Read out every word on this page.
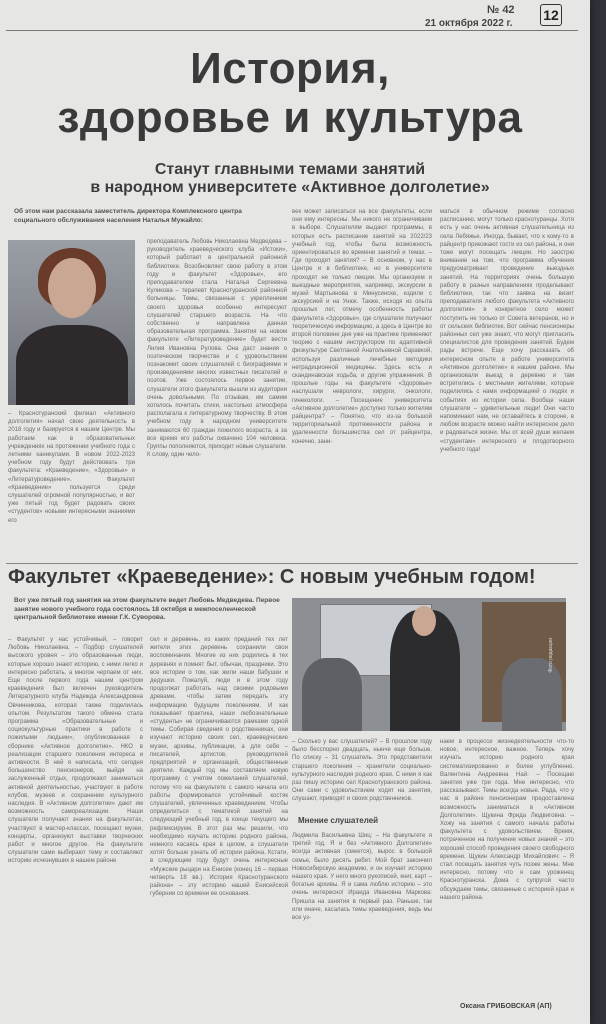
№ 42
21 октября 2022 г.
12
История,
здоровье и культура
Станут главными темами занятий
в народном университете «Активное долголетие»
Об этом нам рассказала заместитель директора Комплексного центра социального обслуживания населения Наталья Мужайло:
– Краснотуранский филиал «Активного долголетия» начал свою деятельность в 2018 году и базируется в нашем Центре. Мы работаем как в образовательных учреждениях на протяжении учебного года с летними каникулами. В новом 2022-2023 учебном году будут действовать три факультета: «Краеведение», «Здоровье» и «Литературоведение». Факультет «Краеведение» пользуется среди слушателей огромной популярностью, и вот уже пятый год будет радовать своих «студентов» новыми интересными знаниями его
преподаватель Любовь Николаевна Медведева – руководитель краеведческого клуба «Истоки», который работает в центральной районной библиотеке. Возобновляет свою работу в этом году и факультет «Здоровье», его преподавателем стала Наталья Сергеевна Куликова – терапевт Краснотуранской районной больницы. Темы, связанные с укреплением своего здоровья особенно интересуют слушателей старшего возраста. На что собственно и направлена данная образовательная программа. Занятия на новом факультете «Литературоведение» будет вести Лилия Ивановна Рулова. Она даст знания о поэтическом творчестве и с удовольствием познакомит своих слушателей с биографиями и произведениями многих известных писателей и поэтов. Уже состоялось первое занятие, слушатели этого факультета вышли из аудитории очень довольными. По отзывам, им самим хотелось почитать стихи, настолько атмосфера располагала к литературному творчеству. В этом учебном году в народном университете занимаются 60 граждан пожилого возраста, а за все время его работы охвачено 104 человека. Группы пополняются, приходит новые слушатели. К слову, один чело-
век может записаться на все факультеты, если они ему интересны. Мы никого не ограничиваем в выборе. Слушателям выдают программы, в которых есть расписание занятий на 2022/23 учебный год, чтобы была возможность ориентироваться во времени занятий и темах. – Где проходят занятия? – В основном, у нас в Центре и в библиотеке, но в университете проходят не только лекции. Мы организуем и выездные мероприятия, например, экскурсии в музей Мартьянова в Минусинске, ездили с экскурсией и на Унюк. Также, исходя из опыта прошлых лет, отмечу особенность работы факультета «Здоровье», где слушатели получают теоретическую информацию, а здесь в Центре во второй половине дня уже на практике применяют теорию с нашим инструктором по адаптивной физкультуре Светланой Анатольевной Саравкой, используя различные лечебные методики нетрадиционной медицины. Здесь есть и скандинавская ходьба, и другие упражнения. В прошлые годы на факультете «Здоровье» наслушали неврологи, хирурги, онкологи, гинекологи. – Посещение университета «Активное долголетие» доступно только жителям райцентра? – Понятно, что из-за большой территориальной протяженности района и удаленности большинства сел от райцентра, конечно, зани-
маться в обычном режиме согласно расписанию, могут только краснотуранцы. Хотя есть у нас очень активная слушательница из села Лебяжье. Иногда, бывает, что к кому-то в райцентр приезжают гости из сел района, и они тоже могут посещать лекции. Но заострю внимание на том, что программа обучения предусматривает проведение выездных занятий. На территориях очень большую работу в разных направлениях проделывают библиотеки, так что заявка на визит преподавателя любого факультета «Активного долголетия» в конкретное село может поступить не только от Совета ветеранов, но и от сельских библиотек. Вот сейчас пенсионеры районных сел уже знают, что могут пригласить специалистов для проведения занятий. Будем рады встрече. Еще хочу рассказать об интересном опыте в работе университета «Активное долголетие» в нашем районе. Мы организовали выезд в деревню и там встретились с местными жителями, которые поделились с нами информацией о людях и событиях из истории села. Вообще наши слушатели – удивительные люди! Они часто напоминают нам, не оставайтесь в стороне, в любом возрасте можно найти интересное дело и радоваться жизни. Мы от всей души желаем «студентам» интересного и плодотворного учебного года!
Факультет «Краеведение»: С новым учебным годом!
Вот уже пятый год занятия на этом факультете ведет Любовь Медведева. Первое занятие нового учебного года состоялось 18 октября в межпоселенческой центральной библиотеке имени Г.К. Суворова.
Фото редакции
– Факультет у нас устойчивый, – говорит Любовь Николаевна. – Подбор слушателей высокого уровня – это образованные люди, которые хорошо знают историю, с ними легко и интересно работать, а многое черпаем от них. Еще после первого года нашим центром краеведения был включен руководитель Литературного клуба Надежда Александровна Овчинникова, которая также поделилась опытом. Результатом такого обмена стала программа «Образовательные и социокультурные практики в работе с пожилыми людьми», опубликованная в сборнике «Активное долголетие». НКО в реализации старшего поколения интереса и активности. В ней я написала, что сегодня большинство пенсионеров, выйдя на заслуженный отдых, продолжают заниматься активной деятельностью, участвуют в работе клубов, музеев и сохранении культурного наследия. В «Активном долголетии» дают им возможность самореализации. Наши слушатели получают знания на факультетах, участвуют в мастер-классах, посещают музеи, концерты, организуют выставки творческих работ и многое другое. На факультете слушатели сами выбирают тему и составляют историю исчезнувших в нашем районе
сел и деревень, из каких преданий тех лет жители этих деревень сохранили свои воспоминания. Многие из них родились в тех деревнях и помнят быт, обычаи, праздники. Это все истории о том, как жили наши бабушки и дедушки. Пожалуй, люди и в этом году продолжат работать над своими родовыми древами, чтобы затем передать эту информацию будущим поколениям. И как показывает практика, наши любознательные «студенты» не ограничиваются рамками одной темы. Собирая сведения о родственниках, они изучают историю своих сел, краеведческие музеи, архивы, публикации, а для себя – писателей, артистов, руководителей предприятий и организаций, общественные деятели. Каждый год мы составляем новую программу с учетом пожеланий слушателей, потому что на факультете с самого начала его работы формировался устойчивый костяк слушателей, увлеченных краеведением. Чтобы определиться с тематикой занятий на следующий учебный год, в конце текущего мы рефлексируем. В этот раз мы решили, что необходимо изучать историю родного района, немного касаясь края в целом, а слушатели хотят больше узнать об истории района. Кстати, в следующем году будут очень интересные «Мужские рыцари на Енисее (конец 16 – первая четверть 18 вв.). История Краснотуранского района» – эту историю нашей Енисейской губернии со времени ее основания.
– Сколько у вас слушателей? – В прошлом году было бесспорно двадцать, нынче еще больше. По списку – 31 слушатель. Это представители старшего поколения – хранители социально-культурного наследия родного края. С ними я как раз пишу историю сел Краснотуранского района. Они сами с удовольствием ходят на занятия, слушают, приводят и своих родственников.
Мнение слушателей
Людмила Васильевна Шиц: – На факультете я третий год. Я и без «Активного Долголетия» всегда активная (смеется), вырос в большой семье, было десять ребят. Мой брат закончил Новосибирскую академию, и он изучает историю нашего края. У него много рукописей, книг, карт – богатые архивы. Я и сама люблю историю – это очень интересно! Ираида Ивановна Маркова: Пришла на занятия в первый раз. Раньше, так или иначе, касалась темы краеведения, ведь мы все уз-
наем в процессе жизнедеятельности что-то новое, интересное, важное. Теперь хочу изучать историю родного края систематизированно и более углубленно. Валентина Андреевна Най: – Посещаю занятия уже три года. Мне интересно, что рассказывают. Темы всегда новые. Рада, что у нас в районе пенсионерам предоставлена возможность заниматься в «Активном Долголетии». Щукина Фрида Людвиговна: – Хожу на занятия с самого начала работы факультета с удовольствием. Время, потраченное на получение новых знаний – это хороший способ проведения своего свободного времени. Щукин Александр Михайлович: – Я стал посещать занятия чуть позже жены. Мне интересно, потому что я сам уроженец Краснотуранска. Дома с супругой часто обсуждаем темы, связанные с историей края и нашего района.
Оксана ГРИБОВСКАЯ (АП)
